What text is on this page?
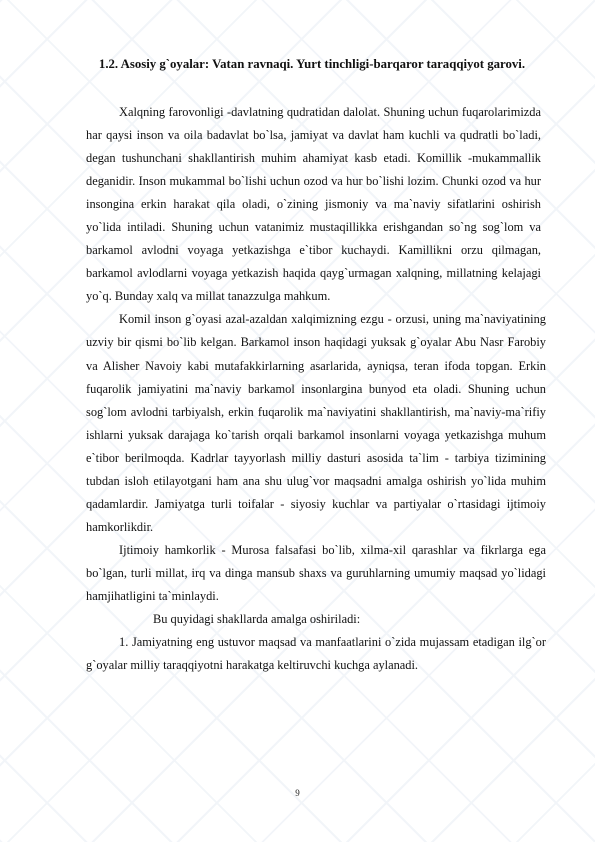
1.2. Asosiy g`oyalar: Vatan ravnaqi. Yurt tinchligi-barqaror taraqqiyot garovi.

Xalqning farovonligi -davlatning qudratidan dalolat. Shuning uchun fuqarolarimizda har qaysi inson va oila badavlat bo`lsa, jamiyat va davlat ham kuchli va qudratli bo`ladi, degan tushunchani shakllantirish muhim ahamiyat kasb etadi. Komillik -mukammallik deganidir. Inson mukammal bo`lishi uchun ozod va hur bo`lishi lozim. Chunki ozod va hur insongina erkin harakat qila oladi, o`zining jismoniy va ma`naviy sifatlarini oshirish yo`lida intiladi. Shuning uchun vatanimiz mustaqillikka erishgandan so`ng sog`lom va barkamol avlodni voyaga yetkazishga e`tibor kuchaydi. Kamillikni orzu qilmagan, barkamol avlodlarni voyaga yetkazish haqida qayg`urmagan xalqning, millatning kelajagi yo`q. Bunday xalq va millat tanazzulga mahkum.

Komil inson g`oyasi azal-azaldan xalqimizning ezgu - orzusi, uning ma`naviyatining uzviy bir qismi bo`lib kelgan. Barkamol inson haqidagi yuksak g`oyalar Abu Nasr Farobiy va Alisher Navoiy kabi mutafakkirlarning asarlarida, ayniqsa, teran ifoda topgan. Erkin fuqarolik jamiyatini ma`naviy barkamol insonlargina bunyod eta oladi. Shuning uchun sog`lom avlodni tarbiyalsh, erkin fuqarolik ma`naviyatini shakllantirish, ma`naviy-ma`rifiy ishlarni yuksak darajaga ko`tarish orqali barkamol insonlarni voyaga yetkazishga muhum e`tibor berilmoqda. Kadrlar tayyorlash milliy dasturi asosida ta`lim - tarbiya tizimining tubdan isloh etilayotgani ham ana shu ulug`vor maqsadni amalga oshirish yo`lida muhim qadamlardir. Jamiyatga turli toifalar - siyosiy kuchlar va partiyalar o`rtasidagi ijtimoiy hamkorlikdir.

Ijtimoiy hamkorlik - Murosa falsafasi bo`lib, xilma-xil qarashlar va fikrlarga ega bo`lgan, turli millat, irq va dinga mansub shaxs va guruhlarning umumiy maqsad yo`lidagi hamjihatligini ta`minlaydi.

Bu quyidagi shakllarda amalga oshiriladi:

1. Jamiyatning eng ustuvor maqsad va manfaatlarini o`zida mujassam etadigan ilg`or g`oyalar milliy taraqqiyotni harakatga keltiruvchi kuchga aylanadi.

9
